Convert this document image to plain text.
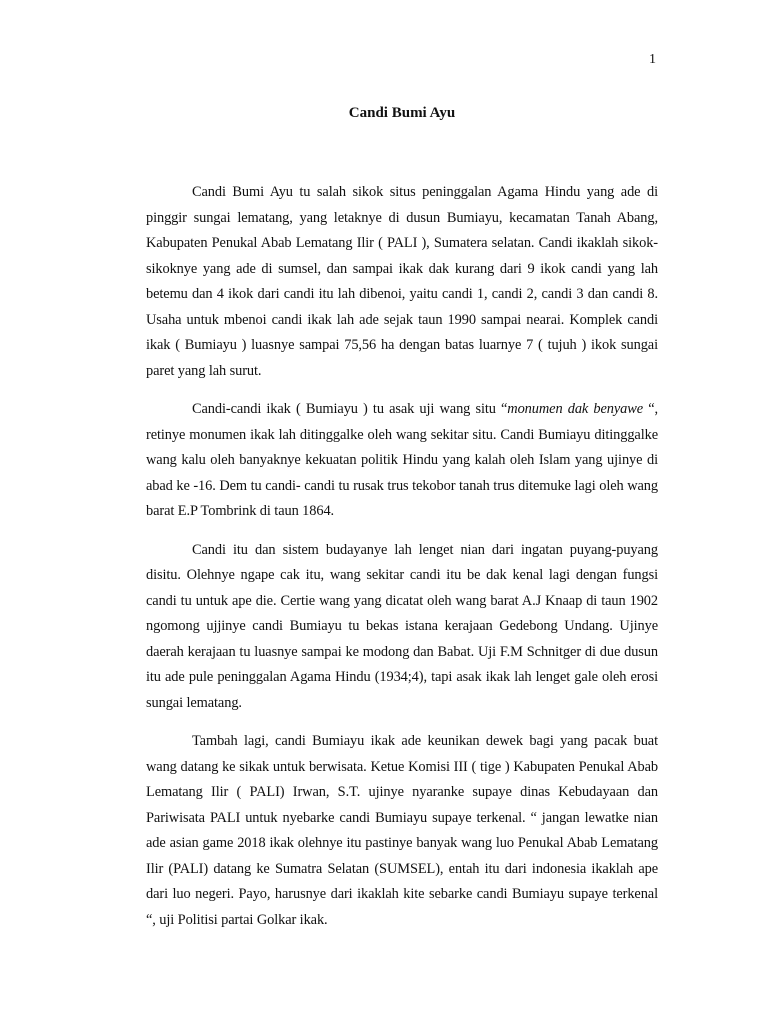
1
Candi Bumi Ayu

Candi Bumi Ayu tu salah sikok situs peninggalan Agama Hindu yang ade di pinggir sungai lematang, yang letaknye di dusun Bumiayu, kecamatan Tanah Abang, Kabupaten Penukal Abab Lematang Ilir ( PALI ), Sumatera selatan. Candi ikaklah sikok-sikoknye yang ade di sumsel, dan sampai ikak dak kurang dari 9 ikok candi yang lah betemu dan 4 ikok dari candi itu lah dibenoi, yaitu candi 1, candi 2, candi 3 dan candi 8. Usaha untuk mbenoi candi ikak lah ade sejak taun 1990 sampai nearai. Komplek candi ikak ( Bumiayu ) luasnye sampai 75,56 ha dengan batas luarnye 7 ( tujuh ) ikok sungai paret yang lah surut.

Candi-candi ikak ( Bumiayu ) tu asak uji wang situ “monumen dak benyawe “, retinye monumen ikak lah ditinggalke oleh wang sekitar situ. Candi Bumiayu ditinggalke wang kalu oleh banyaknye kekuatan politik Hindu yang kalah oleh Islam yang ujinye di abad ke -16. Dem tu candi- candi tu rusak trus tekobor tanah trus ditemuke lagi oleh wang barat E.P Tombrink di taun 1864.

Candi itu dan sistem budayanye lah lenget nian dari ingatan puyang-puyang disitu. Olehnye ngape cak itu, wang sekitar candi itu be dak kenal lagi dengan fungsi candi tu untuk ape die. Certie wang yang dicatat oleh wang barat A.J Knaap di taun 1902 ngomong ujjinye candi Bumiayu tu bekas istana kerajaan Gedebong Undang. Ujinye daerah kerajaan tu luasnye sampai ke modong dan Babat. Uji F.M Schnitger di due dusun itu ade pule peninggalan Agama Hindu (1934;4), tapi asak ikak lah lenget gale oleh erosi sungai lematang.

Tambah lagi, candi Bumiayu ikak ade keunikan dewek bagi yang pacak buat wang datang ke sikak untuk berwisata. Ketue Komisi III ( tige ) Kabupaten Penukal Abab Lematang Ilir ( PALI) Irwan, S.T. ujinye nyaranke supaye dinas Kebudayaan dan Pariwisata PALI untuk nyebarke candi Bumiayu supaye terkenal. “ jangan lewatke nian ade asian game 2018 ikak olehnye itu pastinye banyak wang luo Penukal Abab Lematang Ilir (PALI) datang ke Sumatra Selatan (SUMSEL), entah itu dari indonesia ikaklah ape dari luo negeri. Payo, harusnye dari ikaklah kite sebarke candi Bumiayu supaye terkenal “, uji Politisi partai Golkar ikak.
